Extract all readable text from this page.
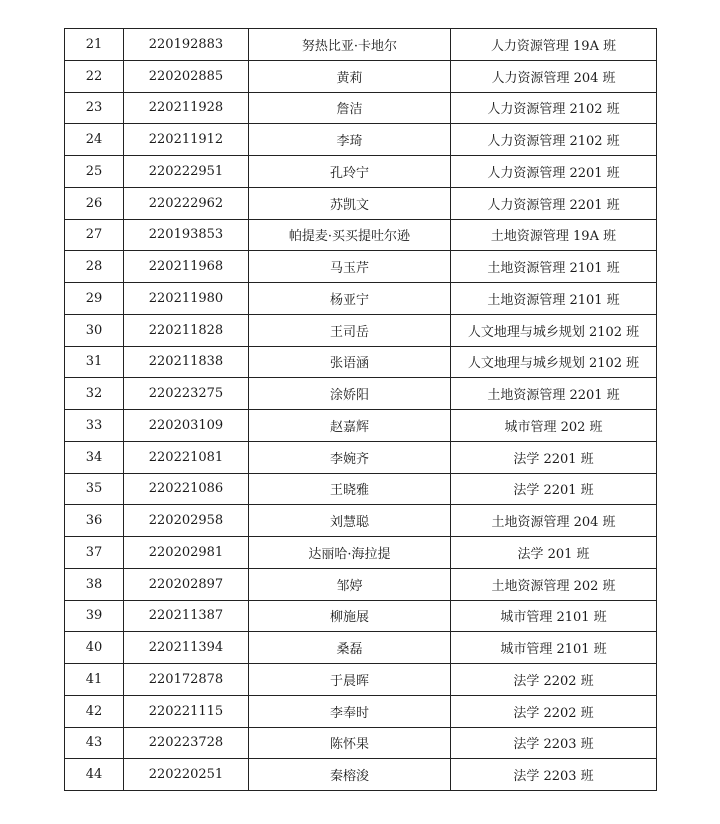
21	220192883	努热比亚·卡地尔	人力资源管理 19A 班
22	220202885	黄莉	人力资源管理 204 班
23	220211928	詹洁	人力资源管理 2102 班
24	220211912	李琦	人力资源管理 2102 班
25	220222951	孔玲宁	人力资源管理 2201 班
26	220222962	苏凯文	人力资源管理 2201 班
27	220193853	帕提麦·买买提吐尔逊	土地资源管理 19A 班
28	220211968	马玉芹	土地资源管理 2101 班
29	220211980	杨亚宁	土地资源管理 2101 班
30	220211828	王司岳	人文地理与城乡规划 2102 班
31	220211838	张语涵	人文地理与城乡规划 2102 班
32	220223275	涂娇阳	土地资源管理 2201 班
33	220203109	赵嘉辉	城市管理 202 班
34	220221081	李婉齐	法学 2201 班
35	220221086	王晓雅	法学 2201 班
36	220202958	刘慧聪	土地资源管理 204 班
37	220202981	达丽哈·海拉提	法学 201 班
38	220202897	邹婷	土地资源管理 202 班
39	220211387	柳施展	城市管理 2101 班
40	220211394	桑磊	城市管理 2101 班
41	220172878	于晨晖	法学 2202 班
42	220221115	李奉时	法学 2202 班
43	220223728	陈怀果	法学 2203 班
44	220220251	秦榕浚	法学 2203 班
